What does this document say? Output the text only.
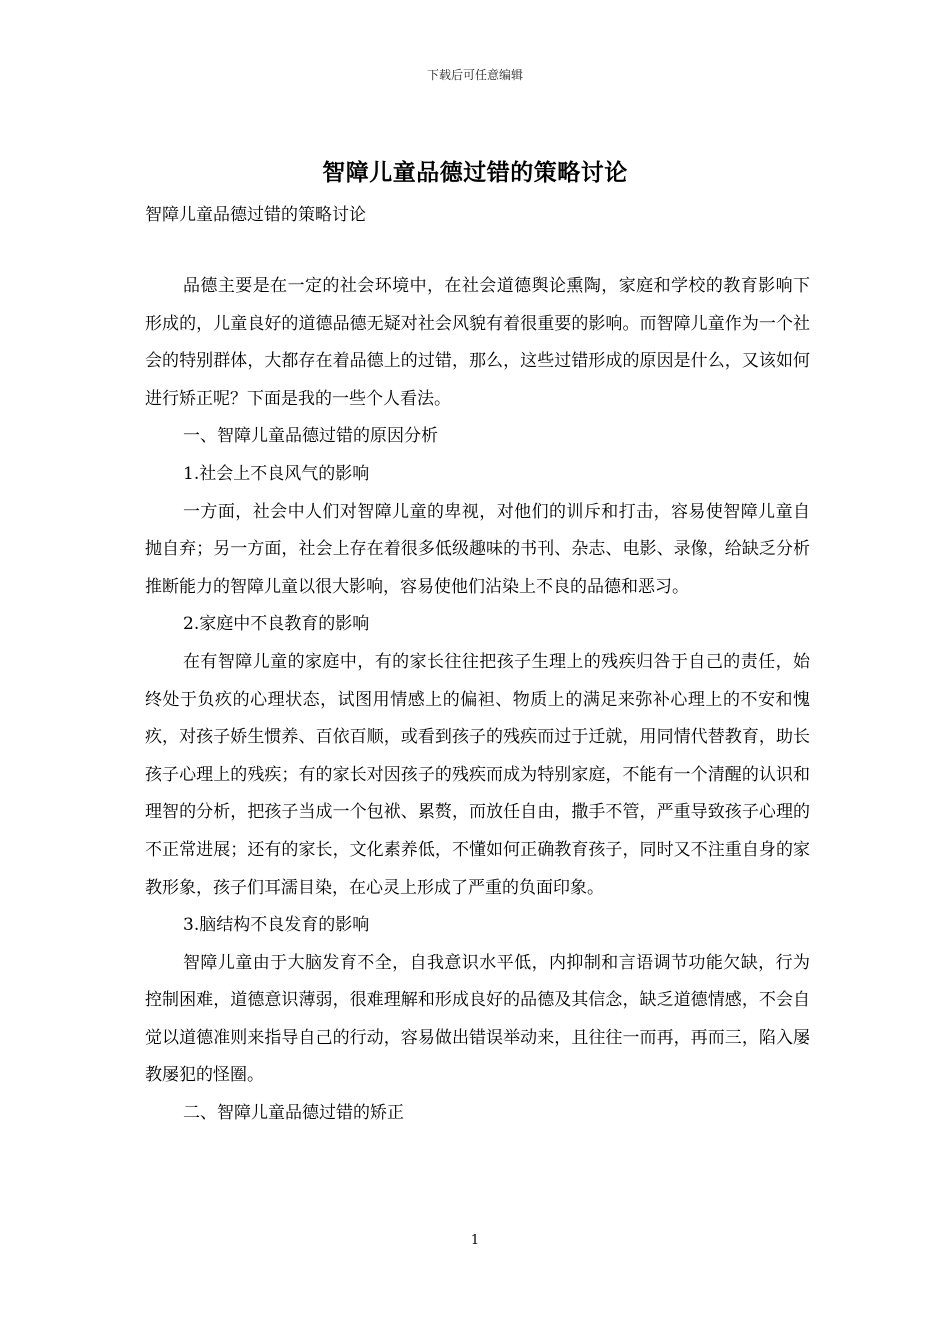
下载后可任意编辑
智障儿童品德过错的策略讨论
智障儿童品德过错的策略讨论

品德主要是在一定的社会环境中，在社会道德舆论熏陶，家庭和学校的教育影响下形成的，儿童良好的道德品德无疑对社会风貌有着很重要的影响。而智障儿童作为一个社会的特别群体，大都存在着品德上的过错，那么，这些过错形成的原因是什么，又该如何进行矫正呢？下面是我的一些个人看法。

一、智障儿童品德过错的原因分析

1.社会上不良风气的影响

一方面，社会中人们对智障儿童的卑视，对他们的训斥和打击，容易使智障儿童自抛自弃；另一方面，社会上存在着很多低级趣味的书刊、杂志、电影、录像，给缺乏分析推断能力的智障儿童以很大影响，容易使他们沾染上不良的品德和恶习。

2.家庭中不良教育的影响

在有智障儿童的家庭中，有的家长往往把孩子生理上的残疾归咎于自己的责任，始终处于负疚的心理状态，试图用情感上的偏袒、物质上的满足来弥补心理上的不安和愧疚，对孩子娇生惯养、百依百顺，或看到孩子的残疾而过于迁就，用同情代替教育，助长孩子心理上的残疾；有的家长对因孩子的残疾而成为特别家庭，不能有一个清醒的认识和理智的分析，把孩子当成一个包袱、累赘，而放任自由，撒手不管，严重导致孩子心理的不正常进展；还有的家长，文化素养低，不懂如何正确教育孩子，同时又不注重自身的家教形象，孩子们耳濡目染，在心灵上形成了严重的负面印象。

3.脑结构不良发育的影响

智障儿童由于大脑发育不全，自我意识水平低，内抑制和言语调节功能欠缺，行为控制困难，道德意识薄弱，很难理解和形成良好的品德及其信念，缺乏道德情感，不会自觉以道德准则来指导自己的行动，容易做出错误举动来，且往往一而再，再而三，陷入屡教屡犯的怪圈。

二、智障儿童品德过错的矫正

1
